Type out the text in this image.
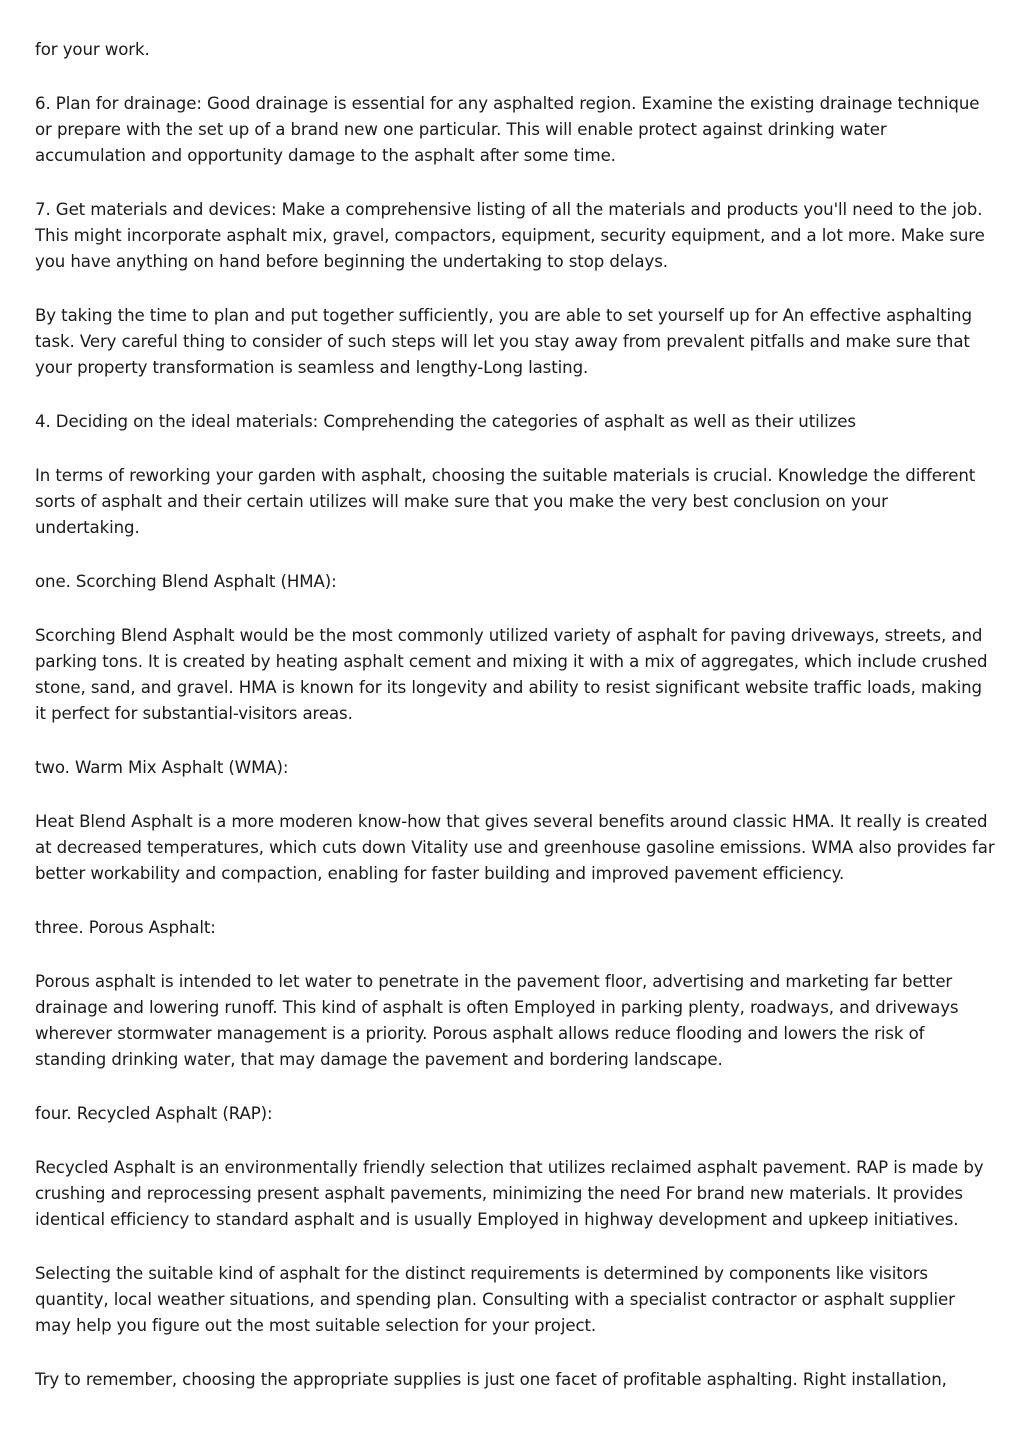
for your work.

6. Plan for drainage: Good drainage is essential for any asphalted region. Examine the existing drainage technique or prepare with the set up of a brand new one particular. This will enable protect against drinking water accumulation and opportunity damage to the asphalt after some time.

7. Get materials and devices: Make a comprehensive listing of all the materials and products you'll need to the job. This might incorporate asphalt mix, gravel, compactors, equipment, security equipment, and a lot more. Make sure you have anything on hand before beginning the undertaking to stop delays.

By taking the time to plan and put together sufficiently, you are able to set yourself up for An effective asphalting task. Very careful thing to consider of such steps will let you stay away from prevalent pitfalls and make sure that your property transformation is seamless and lengthy-Long lasting.

4. Deciding on the ideal materials: Comprehending the categories of asphalt as well as their utilizes

In terms of reworking your garden with asphalt, choosing the suitable materials is crucial. Knowledge the different sorts of asphalt and their certain utilizes will make sure that you make the very best conclusion on your undertaking.

one. Scorching Blend Asphalt (HMA):

Scorching Blend Asphalt would be the most commonly utilized variety of asphalt for paving driveways, streets, and parking tons. It is created by heating asphalt cement and mixing it with a mix of aggregates, which include crushed stone, sand, and gravel. HMA is known for its longevity and ability to resist significant website traffic loads, making it perfect for substantial-visitors areas.

two. Warm Mix Asphalt (WMA):

Heat Blend Asphalt is a more moderen know-how that gives several benefits around classic HMA. It really is created at decreased temperatures, which cuts down Vitality use and greenhouse gasoline emissions. WMA also provides far better workability and compaction, enabling for faster building and improved pavement efficiency.

three. Porous Asphalt:

Porous asphalt is intended to let water to penetrate in the pavement floor, advertising and marketing far better drainage and lowering runoff. This kind of asphalt is often Employed in parking plenty, roadways, and driveways wherever stormwater management is a priority. Porous asphalt allows reduce flooding and lowers the risk of standing drinking water, that may damage the pavement and bordering landscape.

four. Recycled Asphalt (RAP):

Recycled Asphalt is an environmentally friendly selection that utilizes reclaimed asphalt pavement. RAP is made by crushing and reprocessing present asphalt pavements, minimizing the need For brand new materials. It provides identical efficiency to standard asphalt and is usually Employed in highway development and upkeep initiatives.

Selecting the suitable kind of asphalt for the distinct requirements is determined by components like visitors quantity, local weather situations, and spending plan. Consulting with a specialist contractor or asphalt supplier may help you figure out the most suitable selection for your project.

Try to remember, choosing the appropriate supplies is just one facet of profitable asphalting. Right installation,
